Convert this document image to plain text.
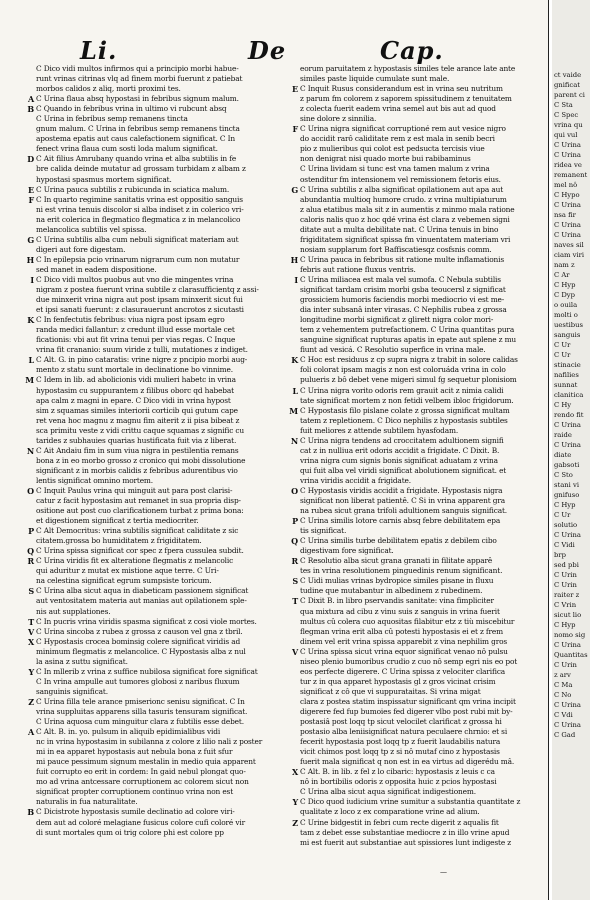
Li.	De	Cap.
C Dico vidi multos infirmos qui a principio morbi habue-
runt vrinas citrinas vlq ad finem morbi fuerunt z patiebat
morbos calidos z aliq, morti proximi tes.
A C Urina flaua absq hypostasi in febribus signum malum.
B C Quando in febribus vrina in ultimo vi rubcunt absq
C Urina in febribus semp remanens tincta
gnum malum. C Urina in febribus semp remanens tincta
apostema epatis aut caus calefactionem significat. C In
fenect vrina flaua cum sosti loda malum significat.
D C Ait filius Amrubany quando vrina et alba subtilis in fe
bre calida deinde mutatur ad grossam turbidam z albam z
hypostasi spasmus mortem significat.
E C Urina pauca subtilis z rubicunda in sciatica malum.
F C In quarto regimine sanitatis vrina est oppositio sanguis
ni est vrina tenuis discolor si alba indiset z in colerico vri-
na erit colerica in flegmatico flegmatica z in melancolico
melancolica subtilis vel spissa.
G C Urina subtilis alba cum nebuli significat materiam aut
digeri aut fore digestam.
H C In epilepsia pcio vrinarum nigrarum cum non mutatur
sed manet in eadem dispositione.
I C Dico vidi multos puobus aut vno die mingentes vrina
nigram z postea fuerunt vrina subtile z clarasufficientq z assi-
due minxerit vrina nigra aut post ipsam minxerit sicut fui
et ipsi sanati fuerunt: z clasurauerunt ancrotos z sicutasti
K C In fenfectutis febribus: viua nigra post ipsam egro
randa medici fallantur: z credunt illud esse mortale cet
ficationis: vbi aut fit vrina tenui per vias regas. C Inque
vrina fit crananio: suum viride z tulli, mutationes z indiget.
L C Alt. G. in pino cataratis: vrine nigre z pncipio morbi aug-
mento z statu sunt mortale in declinatione bo vinnime.
M C Idem in lib. ad abolicionis vidi mulieri habetc in vrina
hypostasim cu suppurantem z filibus oborc qd habebat
apa calm z magni in epare. C Dico vidi in vrina hypost
sim z squamas similes interiorii corticib qui gutum cape
ret vena hoc magnu z magnu fim aiterit z ii pisa bibeat z
sca primitu veste z vidi crittu caque squamas z signific cu
tarides z subhauies quarias hustificata fuit via z liberat.
N C Ait Andaiu fim in sum viua nigra in pestilentia remans
bona z in eo morbo grosso z cronico qui mobi dissolutione
significant z in morbis calidis z febribus adurentibus vio
lentis significat omnino mortem.
O C Inquit Paulus vrina qui minguit aut para post clarisi-
catur z facit hypostasim aut remanet in sua propria disp-
ositione aut post cuo clarificationem turbat z prima bona:
et digestionem significat z tertia mediocriter.
P C Alt Democritus: vrina subtilis significat caliditate z sic
citatem.grossa bo humiditatem z frigiditatem.
Q C Urina spissa significat cor spec z fpera cussulea subdit.
R C Urina viridis fit ex alteratione flegmatis z melancolic
qui aduritur z mutat ex mistione aque terre. C Uri-
na celestina significat egrum sumpsiste toricum.
S C Urina alba sicut aqua in diabeticam passionem significat
aut ventositatem materia aut manias aut opilationem sple-
nis aut supplationes.
T C In pucris vrina viridis spasma significat z cosi viole mortes.
V C Urina sincoba z rubea z grossa z causon vel gna z tbril.
X C Hypostasis crocea bominsig colere significat viridis ad
minimum flegmatis z melancolice. C Hypostasis alba z nul
la asina z suttu significat.
Y C In mllerib z vrina z suffice nubilosa significat fore significat
C In vrina ampulle aut tumores globosi z naribus fluxum
sanguinis significat.
Z C Urina filla tele arance pmiserionc senisu significat. C In
vrina suppluitas apparens silla tasuris tensuram significat.
C Urina aquosa cum minguitur clara z fubtilis esse debet.
A C Alt. B. in. yo. pulsum in aliquib epidimialibus vidi
nc in vrina hypostasim in subilanna z colore z lilio nali z poster
mi in ea apparet hypostasis aut nebula bona z fuit sfur
mi pauce pessimum signum mestalin in medio quia apparent
fuit corrupto eo erit in cordem: In gaid nebul plongat quo-
mo ad vrina antcessare corruptionem ac colorem sicut non
significat propter corruptionem continuo vrina non est
naturalis in fua naturalitate.
B C Dicistrote hypostasis sumile declinatio ad colore viri-
dem aut ad coloré melagiane fusicus colore cufi coloré vir
di sunt mortales qum oi trig colore phi est colore pp
eorum paruitatem z hypostasis similes tele arance late ante
similes paste liquide cumulate sunt male.
E C Inquit Rusus considerandum est in vrina seu nutritum
z parum fm colorem z saporem spissitudinem z tenuitatem
z colecta fuerit eadem vrina semel aut bis aut ad quod
sine dolore z sinnilia.
F C Urina nigra significat corruptioné rem aut vesice nigro
do accidit rarô caliditate rem z est mala in senib becri
pio z mulieribus qui colot est pedsucta tercisis viue
non denigrat nisi quado morte bui rabibaminus
C Urina lividam si tunc est vna tamen malum z vrina
ostenditur fm intensionem vel remissionem fetoris eius.
G C Urina subtilis z alba significat opilationem aut apa aut
abundantia multioq humore crudo. z vrina multipiaturum
z alua etatibus mala sit z in aumentis z minmo mala ratione
caloris nalis quo z hoc qdé vrina ést clara z vebemen signi
ditate aut a multa debilitate nat. C Urina tenuis in bino
frigiditatem significat spissa fm vinuentatem materiam vri
nosiam supplarum fort Baffiscatiesqz cosfsnis comm.
H C Urina pauca in febribus sit ratione multe inflamationis
febris aut ratione fluxus ventris.
I C Urina miliacea est mala vel sumofa. C Nebula subtilis
significat tardam crisim morbi gsba teoucersl z significat
grossiciem humoris faciendis morbi mediocrio vi est me-
dia inter subsanâ inter virasas. C Nephilis rubea z grossa
longitudine morbi significat z glirett nigra color mori-
tem z vehementem putrefactionem. C Urina quantitas pura
sanguine significat rupturas apatis in epate aut splene z mu
fiunt ad vesicá. C Resolutio superfice in vrina male.
K C Hoc est residuus z cp supra nigra z trabit in solore calidas
foli colorat ipsam magis z non est coloruáda vrina in colo
pulueris z bô debet vene migeri simul fg sequetur plonisiom
L C Urina nigra vorito odoris rem grauit acit z nimia calidi
tate significat mortem z non fetidi velbem ibloc frigidorum.
M C Hypostasis filo pislane colate z grossa significat multam
tatem z repletionem. C Dico nephilis z hypostasis subtiles
fuit meliores z attende subtilem hyasfodam.
N C Urina nigra tendens ad croccitatem adultionem signifi
cat z in nulliua erit odoris accidit a frigidate. C Dixit. B.
vrina nigra cum signis bonis significat aduatam z vrina
qui fuit alba vel viridi significat abolutionem significat. et
vrina viridis accidit a frigidate.
O C Hypostasis viridis accidit a frigidate. Hypostasis nigra
significat non liberat patientê. C Si in vrina apparent gra
na rubea sicut grana trifoli adultionem sanguis significat.
P C Urina similis lotore carnis absq febre debilitatem epa
tis significat.
Q C Urina similis turbe debilitatem epatis z debilem cibo
digestivam fore significat.
R C Resolutio alba sicut grana granati in filitate apparê
tes in vrina resolutionem pinguedinis renum significant.
S C Uidi mulias vrinas bydropice similes pisane in fluxu
tudine que mutabantur in albedinem z rubedinem.
T C Dixit B. in libro pservandis sanitate: vina fimpliciter
qua mixtura ad cibu z vinu suis z sanguis in vrina fuerit
multus cû colera cuo aquositas filabitur etz z tiù miscebitur
flegman vrina erit alba cû potesti hypostasis ei et z frem
dinem vel erit vrina spissa apparebit z vina nephilim gros
V C Urina spissa sicut vrina equor significat venao nô pulsu
niseo plenio bumoribus crudio z cuo nô semp egri nis eo pot
eos perfecte digerere. C Urina spissa z velociter clarifica
tur z in qua apparet hypostasis gl z gros vicinat crisim
significat z cô que vi suppurataitas. Si vrina migat
clara z postea statim inspissatur significant qm vrina incipit
digerere fed fup bumoies fed digerer vlbo post rubi mit by-
postasiâ post loqq tp sicut velocilet clarificat z grossa hi
postasio alba leniisignificat natura peculaere chrnio: et si
fecerit hypostasia post loqq tp z fuerit laudabilis natura
vicit chimos post loqq tp z si nô mutaf cino z hypostasis
fuerit mala significat q non est in ea virtus ad digerédu mâ.
X C Alt. B. in lib. z fel z lo cibaric: hypostasis z leuis c ca
nô in bortibilis odoris z opposita huic z pcios hypostasi
C Urina alba sicut aqua significat indigestionem.
Y C Dico quod iudicium vrine sumitur a substantia quantitate z
qualitate z loco z ex comparatione vrine ad alium.
Z C Urine bidgestit in febri cum recte digerit z aqualis fit
tam z debet esse substantiae mediocre z in illo vrine apud
mi est fuerit aut substantiae aut spissiores lunt indigeste z
—
ct vaide
gnificat
parent ci
C Sta
C Spec
vrina qu
qui vul
C Urina
C Urina
ridea ve
remanent
mel nô
C Hypo
C Urina
nsa fir
C Urina
C Urina
naves sil
ciam viri
nam z
C Ar
C Hyp
C Dyp
o ouila
molti o
uestibus
sanguis
C Ur
C Ur
stinacie
nafilies
sunnat
clanitica
C Hy
rendo fit
C Urina
raide
C Urina
diate
gabsoti
C Sto
stani vi
gnifuso
C Hyp
C Ur
solutio
C Urina
C Vidi
brp
sed pbi
C Urin
C Urin
raiter z
C Vrin
sicut lio
C Hyp
nomo sig
C Urina
Quantitas
C Urin
z arv
C Ma
C No
C Urina
C Vdi
C Urina
C Gad
